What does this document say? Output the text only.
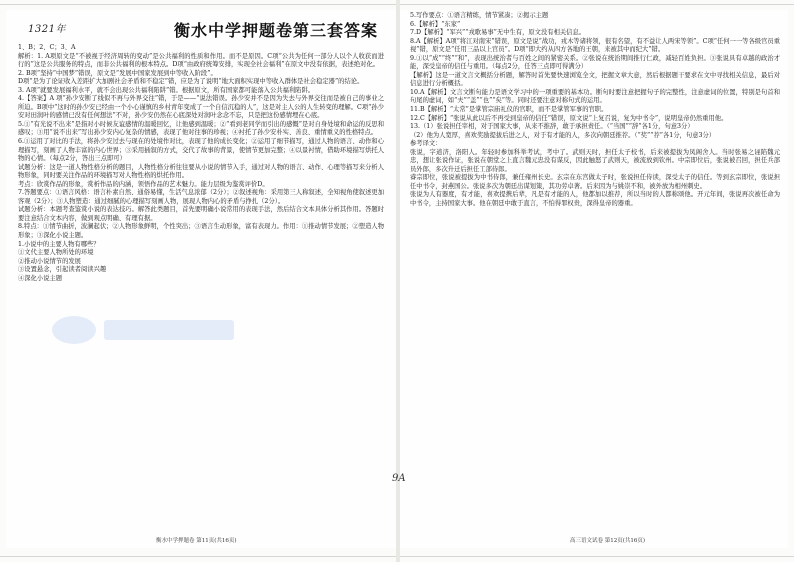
1321年	衡水中学押题卷第三套答案

1、B；2、C；3、A

解析：1. A项原文是“不被视于经济周转的变动”是公共福利的性质和作用。而不是原因。C项“公共为任何一部分人以个人收获而进行的”这是公共服务的特点，而非公共福利的根本特点。D项“由政府统筹安排，实现全社会福利”在原文中没有依据，表述绝对化。

2. B项“坚持“中国梦”错误，原文是“发展中国家发展到中等收入阶段”。

D项“是为了论证收入差距扩大加剧社会矛盾和不稳定”错，应是为了说明“地大面积实现中等收入群体是社会稳定器”的结论。

3. A项“就要发展福利水平，就不会出现公共福利陷阱”错。根据原文，所有国家都可能落入公共福利陷阱。

4.【答案】A 项“孙少安断了线似不再与外界交往”错，于是——“说法错误。孙少安并不是因为失去与外界交往而是被自己的事业之所迫。B项中“这时的孙少安已经由一个小心谨慎的乡村青年变成了一个自信沉稳的人”，这是对主人公的人生转变的理解。C项“孙少安对田润叶的感情已没有任何想法”不对，孙少安仍然在心底深处对润叶念念不忘，只是把这份感情埋在心底。

5.①“有光说不出来”是指对小时候友谊感情的温暖回忆，让他感到温暖；②“看到老同学而引出的感慨”是对自身处境和命运的反思和感叹；③用“说不出来”写出孙少安内心复杂的情感，表现了他对往事的珍视；④衬托了孙少安朴实、善良、重情重义的性格特点。

6.①运用了对比的手法，将孙少安过去与现在的处境作对比，表现了他的成长变化；②运用了细节描写，通过人物的语言、动作和心理描写，刻画了人物丰富的内心世界；③采用插叙的方式，交代了故事的背景，使情节更加完整；④以景衬情，借助环境描写烘托人物的心情。（每点2分，答出三点即可）

试题分析：这是一道人物性格分析的题目，人物性格分析往往要从小说的情节入手，通过对人物的语言、动作、心理等描写来分析人物形象，同时要关注作品的环境描写对人物性格的烘托作用。

考点：欣赏作品的形象，赏析作品的内涵，领悟作品的艺术魅力。能力层级为鉴赏评价D。

7.答题要点：①语言风格：语言朴素自然、通俗易懂，生活气息浓郁（2分）；②叙述视角：采用第三人称叙述，全知视角使叙述更加客观（2分）；③人物塑造：通过细腻的心理描写刻画人物，展现人物内心的矛盾与挣扎（2分）。

试题分析：本题考查鉴赏小说的表达技巧。解答此类题目，首先要明确小说常用的表现手法，然后结合文本具体分析其作用。答题时要注意结合文本内容，做到观点明确、有理有据。

8.特点：①情节曲折，波澜起伏；②人物形象鲜明，个性突出；③语言生动形象，富有表现力。作用：①推动情节发展；②塑造人物形象；③深化小说主题。

1.小说中的主要人物有哪些？

①文代主要人物所处的环境

②推动小说情节的发展

③设置悬念，引起读者阅读兴趣

④深化小说主题

衡水中学押题卷 第11页(共16页)

5.写作要点：①语言精练，情节紧凑；②揭示主题

6.【解析】“东家”

7.D【解析】“军兴”“戎歌易事”无中生有，原文没有相关信息。

8.A【解析】A项“将江对南宋”错误，原文是说“战功，戎木等诸将领，很有名望，有不益让人两宋等领”。C项“任何一一等各级官员重视”错，原文是“任用三品以上官员”。D项“即大约从四方各地的王朝，来被其中而纪大”错。

9.①以“成”“终”“和”，表现出统治者与百姓之间的紧密关系。②张说在统治期间推行仁政，减轻百姓负担。③张说具有卓越的政治才能，深受皇帝的信任与重用。（每点2分，任答三点即可得满分）

【解析】这是一道文言文概括分析题，解答时首先要快速浏览全文，把握文章大意，然后根据题干要求在文中寻找相关信息，最后对信息进行分析概括。

10.A【解析】文言文断句能力是语文学习中的一项重要的基本功。断句时要注意把握句子的完整性，注意虚词的位置，特别是句首和句尾的虚词，如“夫”“盖”“也”“矣”等。同时还要注意对称句式的运用。

11.B【解析】“太常”是掌管宗庙礼仪的官职，而不是掌管军事的官职。

12.C【解析】“张说从此以后不再受到皇帝的信任”错误，原文说“上复召说，复为中书令”，说明皇帝仍然重用他。

13.（1）张说担任宰相，对于国家大事，从来不推辞，敢于承担责任。（“当国”“辞”各1分，句意3分）

（2）他为人宽厚，喜欢奖励提拔后进之人，对于有才能的人，多次向朝廷推荐。（“奖”“荐”各1分，句意3分）

参考译文：

张说，字道济，洛阳人。年轻时参加科举考试，考中了。武则天时，担任太子校书，后来被提拔为凤阁舍人。当时张易之诬陷魏元忠，想让张说作证，张说在朝堂之上直言魏元忠没有谋反，因此触怒了武则天，被流放到钦州。中宗即位后，张说被召回，担任兵部员外郎，多次升迁后担任工部侍郎。

睿宗即位，张说被提拔为中书侍郎，兼任雍州长史。玄宗在东宫做太子时，张说担任侍读，深受太子的信任。等到玄宗即位，张说担任中书令，封燕国公。张说多次为朝廷出谋划策，其功劳卓著。后来因为与姚崇不和，被外放为相州刺史。

张说为人有器度，有才能，喜欢提携后辈，凡是有才能的人，他都加以推荐，所以当时的人都称颂他。开元年间，张说再次被任命为中书令，主持国家大事。他在朝廷中敢于直言，不怕得罪权贵，深得皇帝的器重。

高三语文试卷 第12页(共16页)
9A
